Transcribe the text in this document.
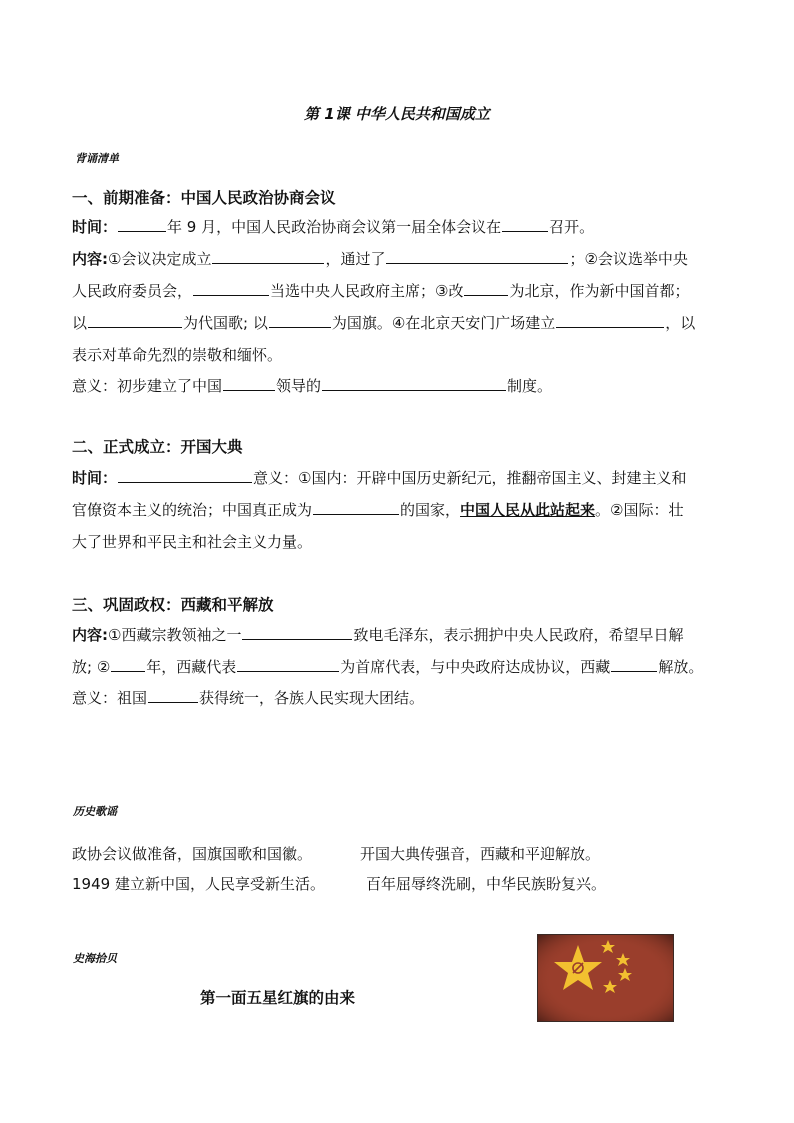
第 1课 中华人民共和国成立
背诵清单
一、前期准备：中国人民政治协商会议
时间：	年 9 月，中国人民政治协商会议第一届全体会议在	召开。
内容:①会议决定成立	，通过了	；②会议选举中央
人民政府委员会，	当选中央人民政府主席；③改	为北京，作为新中国首都；
以	为代国歌; 以	为国旗。④在北京天安门广场建立	，以
表示对革命先烈的崇敬和缅怀。
意义：初步建立了中国	领导的	制度。
二、正式成立：开国大典
时间：	意义：①国内：开辟中国历史新纪元，推翻帝国主义、封建主义和
官僚资本主义的统治；中国真正成为	的国家，中国人民从此站起来。②国际：壮
大了世界和平民主和社会主义力量。
三、巩固政权：西藏和平解放
内容:①西藏宗教领袖之一	致电毛泽东，表示拥护中央人民政府，希望早日解
放; ② 年，西藏代表	为首席代表，与中央政府达成协议，西藏	解放。
意义：祖国	获得统一，各族人民实现大团结。
历史歌谣
政协会议做准备，国旗国歌和国徽。	开国大典传强音，西藏和平迎解放。
1949 建立新中国，人民享受新生活。	百年屈辱终洗刷，中华民族盼复兴。
史海拾贝
第一面五星红旗的由来
